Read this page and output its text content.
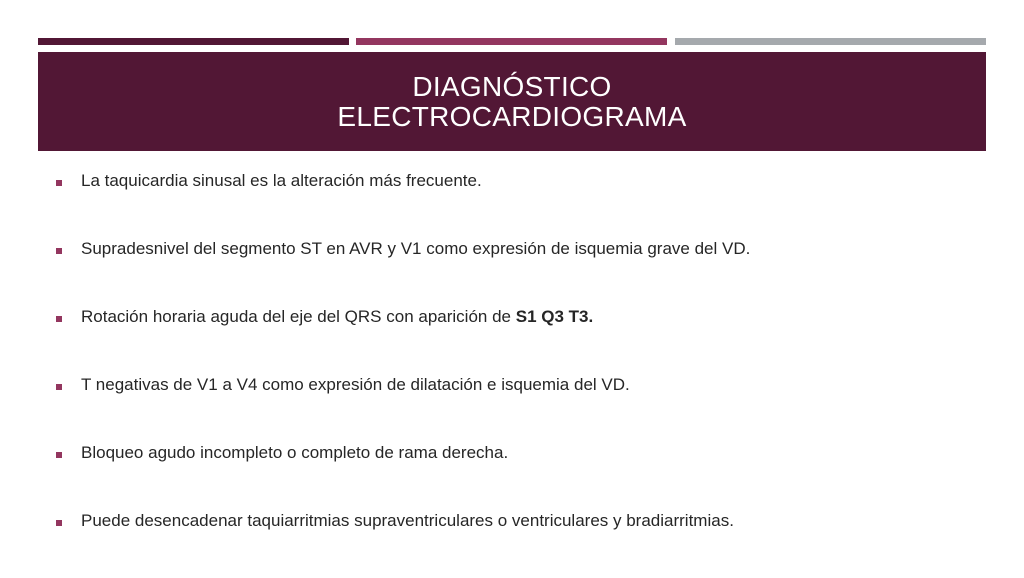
DIAGNÓSTICO
ELECTROCARDIOGRAMA
La taquicardia sinusal es la alteración más frecuente.
Supradesnivel del segmento ST en AVR y V1 como expresión de isquemia grave del VD.
Rotación horaria aguda del eje del QRS con aparición de S1 Q3 T3.
T negativas de V1 a V4 como expresión de dilatación e isquemia del VD.
Bloqueo agudo incompleto o completo de rama derecha.
Puede desencadenar taquiarritmias supraventriculares o ventriculares y bradiarritmias.
